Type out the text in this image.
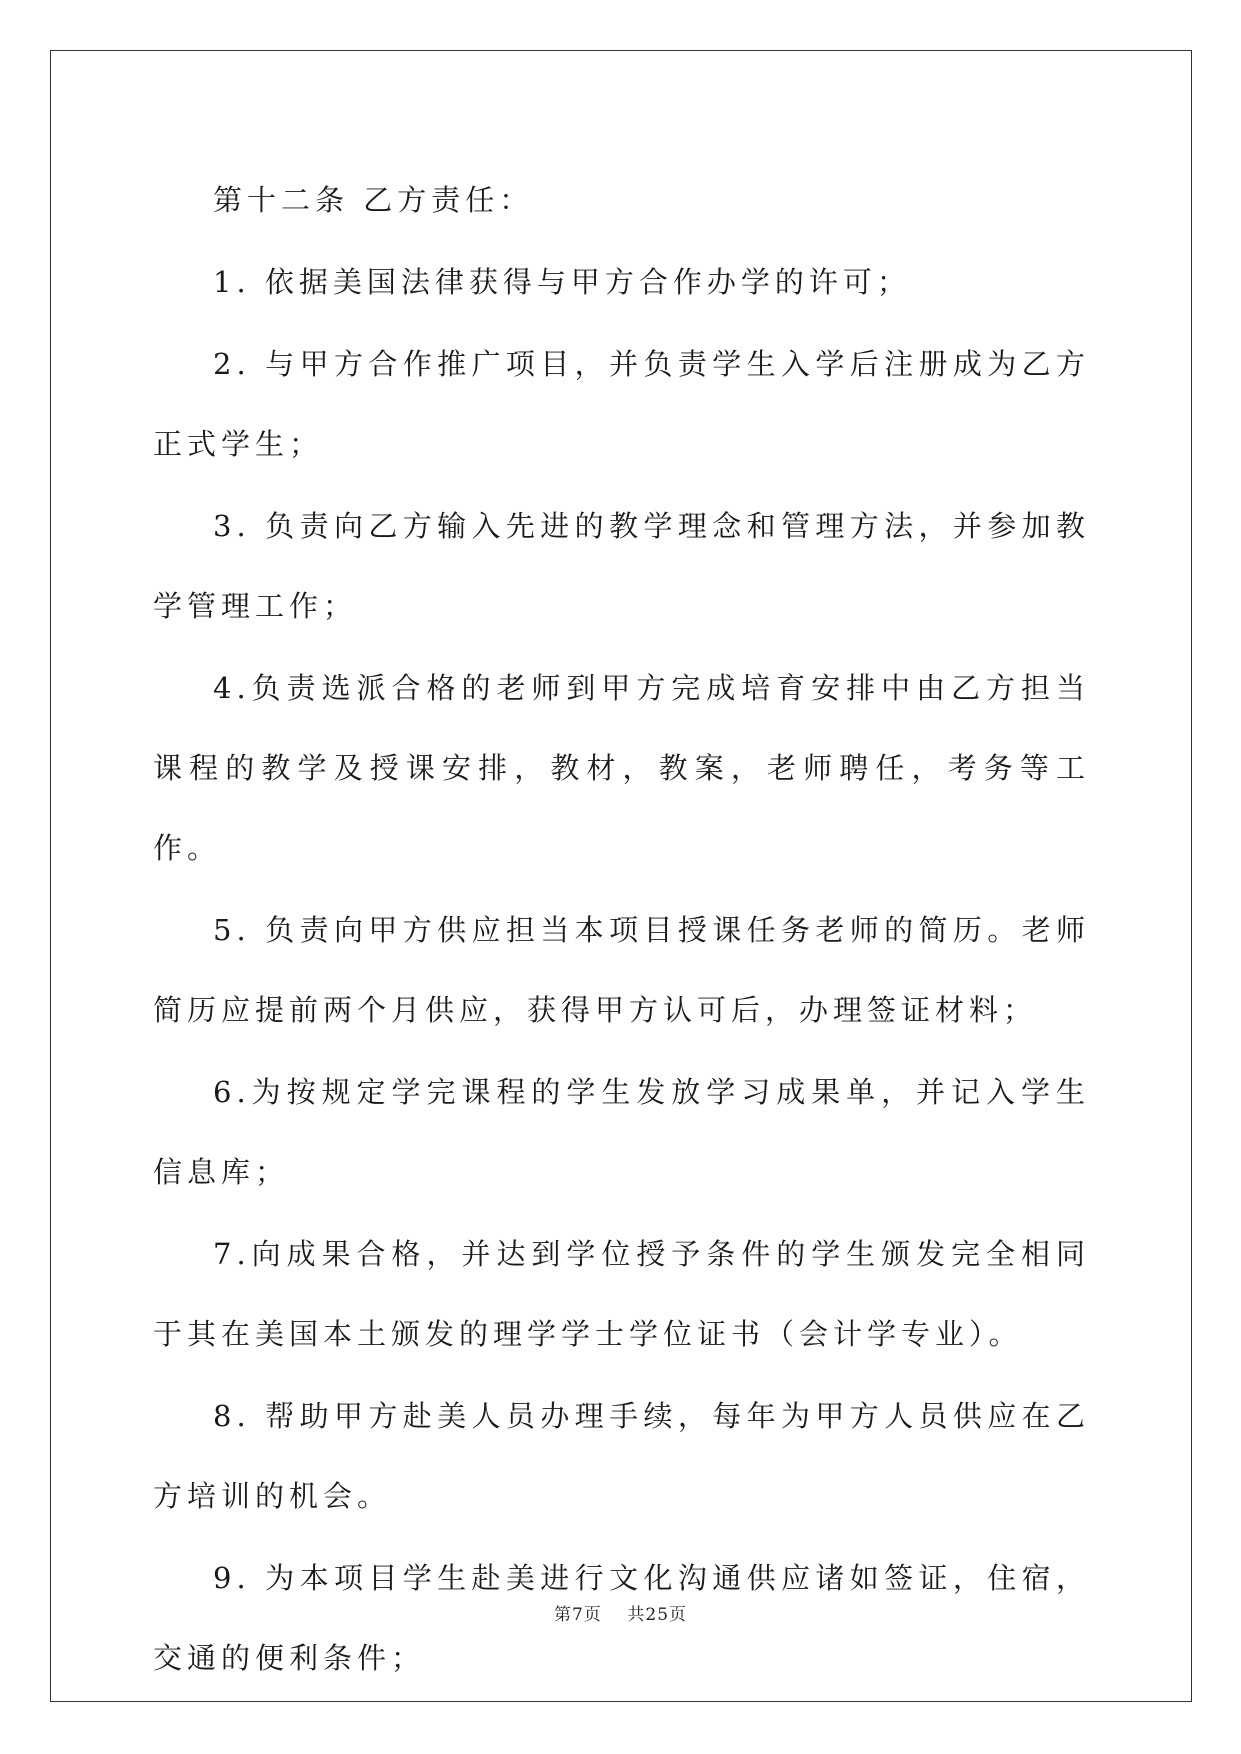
第十二条 乙方责任：

1. 依据美国法律获得与甲方合作办学的许可；

2. 与甲方合作推广项目，并负责学生入学后注册成为乙方正式学生；

3. 负责向乙方输入先进的教学理念和管理方法，并参加教学管理工作；

4.负责选派合格的老师到甲方完成培育安排中由乙方担当课程的教学及授课安排，教材，教案，老师聘任，考务等工作。

5. 负责向甲方供应担当本项目授课任务老师的简历。老师简历应提前两个月供应，获得甲方认可后，办理签证材料；

6.为按规定学完课程的学生发放学习成果单，并记入学生信息库；

7.向成果合格，并达到学位授予条件的学生颁发完全相同于其在美国本土颁发的理学学士学位证书（会计学专业）。

8. 帮助甲方赴美人员办理手续，每年为甲方人员供应在乙方培训的机会。

9. 为本项目学生赴美进行文化沟通供应诸如签证，住宿，交通的便利条件；

第7页 共25页
